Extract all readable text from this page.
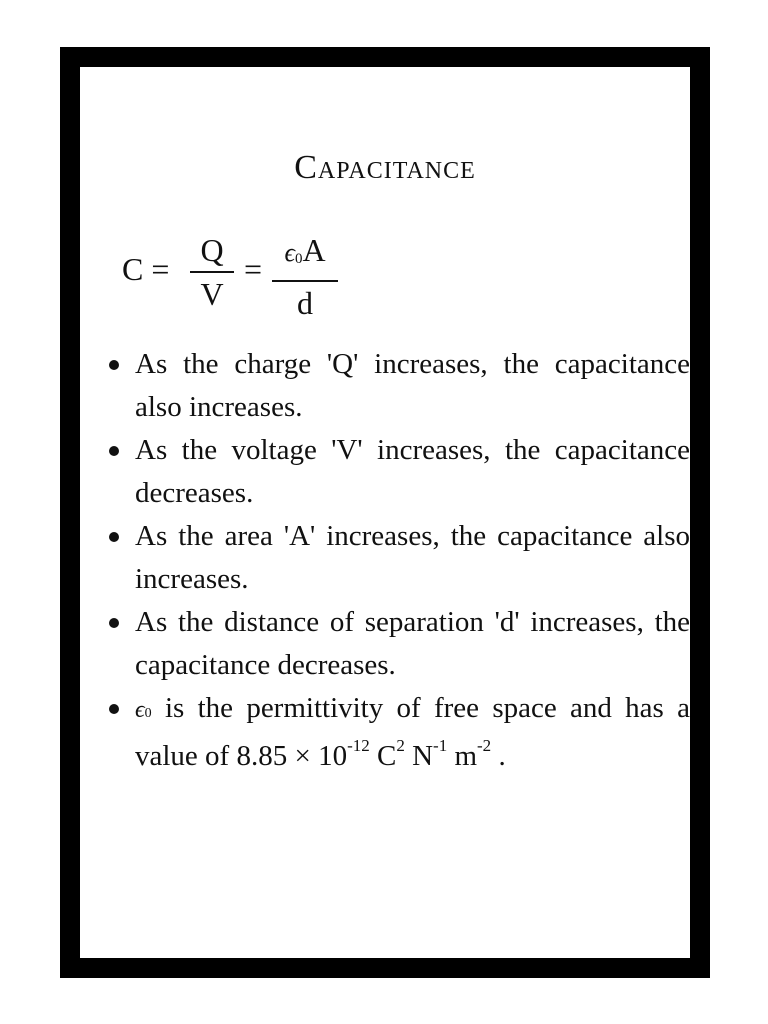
Capacitance
C =
Q
V
= ϵ0A
d
As the charge 'Q' increases, the capacitance also increases.
As the voltage 'V' increases, the capacitance decreases.
As the area 'A' increases, the capacitance also increases.
As the distance of separation 'd' increases, the capacitance decreases.
ϵ0 is the permittivity of free space and has a value of $8.85 \times 10^{-12}$ $C^2$ $N^{-1}$ $m^{-2}$ .
